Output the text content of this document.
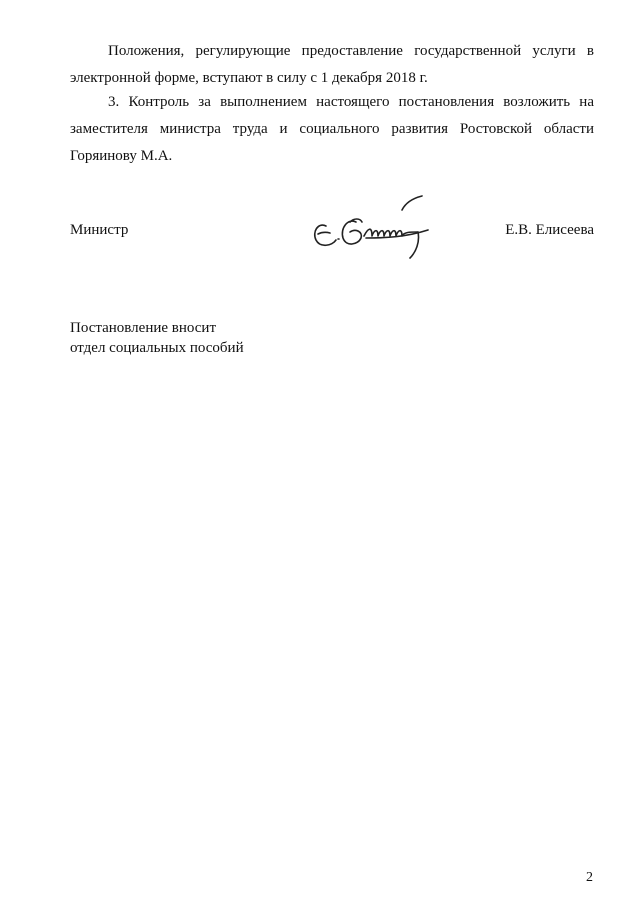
Положения, регулирующие предоставление государственной услуги в
электронной форме, вступают в силу с 1 декабря 2018 г.
3. Контроль за выполнением настоящего постановления возложить на
заместителя министра труда и социального развития Ростовской области
Горяинову М.А.
Министр	Е.В. Елисеева
Постановление вносит
отдел социальных пособий
2
